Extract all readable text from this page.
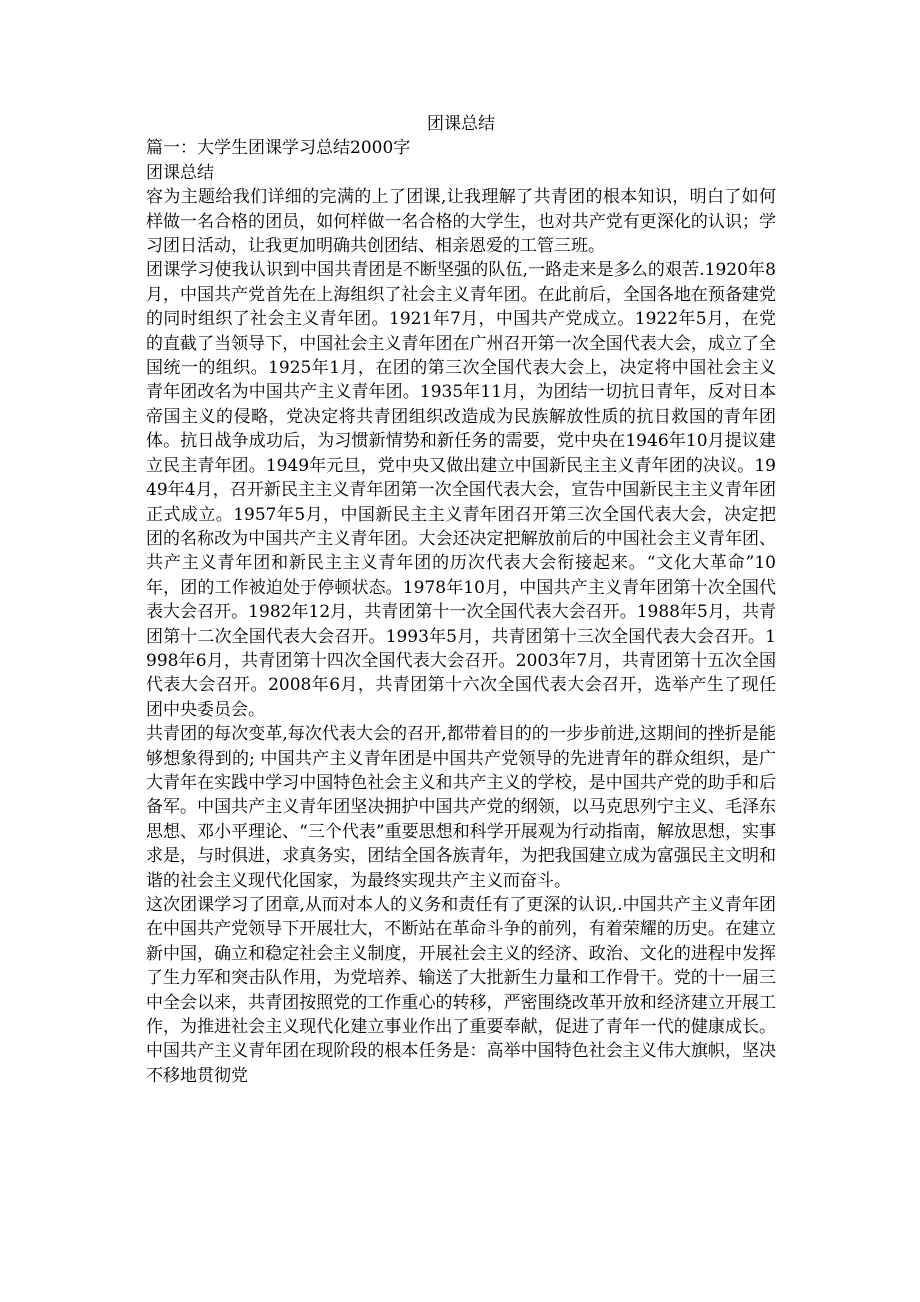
团课总结

篇一：大学生团课学习总结2000字

团课总结

容为主题给我们详细的完满的上了团课,让我理解了共青团的根本知识，明白了如何样做一名合格的团员，如何样做一名合格的大学生，也对共产党有更深化的认识；学习团日活动，让我更加明确共创团结、相亲恩爱的工管三班。

团课学习使我认识到中国共青团是不断坚强的队伍,一路走来是多么的艰苦.1920年8月，中国共产党首先在上海组织了社会主义青年团。在此前后，全国各地在预备建党的同时组织了社会主义青年团。1921年7月，中国共产党成立。1922年5月，在党的直截了当领导下，中国社会主义青年团在广州召开第一次全国代表大会，成立了全国统一的组织。1925年1月，在团的第三次全国代表大会上，决定将中国社会主义青年团改名为中国共产主义青年团。1935年11月，为团结一切抗日青年，反对日本帝国主义的侵略，党决定将共青团组织改造成为民族解放性质的抗日救国的青年团体。抗日战争成功后，为习惯新情势和新任务的需要，党中央在1946年10月提议建立民主青年团。1949年元旦，党中央又做出建立中国新民主主义青年团的决议。1949年4月，召开新民主主义青年团第一次全国代表大会，宣告中国新民主主义青年团正式成立。1957年5月，中国新民主主义青年团召开第三次全国代表大会，决定把团的名称改为中国共产主义青年团。大会还决定把解放前后的中国社会主义青年团、共产主义青年团和新民主主义青年团的历次代表大会衔接起来。“文化大革命”10年，团的工作被迫处于停顿状态。1978年10月，中国共产主义青年团第十次全国代表大会召开。1982年12月，共青团第十一次全国代表大会召开。1988年5月，共青团第十二次全国代表大会召开。1993年5月，共青团第十三次全国代表大会召开。1998年6月，共青团第十四次全国代表大会召开。2003年7月，共青团第十五次全国代表大会召开。2008年6月，共青团第十六次全国代表大会召开，选举产生了现任团中央委员会。

共青团的每次变革,每次代表大会的召开,都带着目的的一步步前进,这期间的挫折是能够想象得到的; 中国共产主义青年团是中国共产党领导的先进青年的群众组织，是广大青年在实践中学习中国特色社会主义和共产主义的学校，是中国共产党的助手和后备军。中国共产主义青年团坚决拥护中国共产党的纲领，以马克思列宁主义、毛泽东思想、邓小平理论、“三个代表”重要思想和科学开展观为行动指南，解放思想，实事求是，与时俱进，求真务实，团结全国各族青年，为把我国建立成为富强民主文明和谐的社会主义现代化国家，为最终实现共产主义而奋斗。

这次团课学习了团章,从而对本人的义务和责任有了更深的认识,.中国共产主义青年团在中国共产党领导下开展壮大，不断站在革命斗争的前列，有着荣耀的历史。在建立新中国，确立和稳定社会主义制度，开展社会主义的经济、政治、文化的进程中发挥了生力军和突击队作用，为党培养、输送了大批新生力量和工作骨干。党的十一届三中全会以来，共青团按照党的工作重心的转移，严密围绕改革开放和经济建立开展工作，为推进社会主义现代化建立事业作出了重要奉献，促进了青年一代的健康成长。中国共产主义青年团在现阶段的根本任务是：高举中国特色社会主义伟大旗帜，坚决不移地贯彻党
